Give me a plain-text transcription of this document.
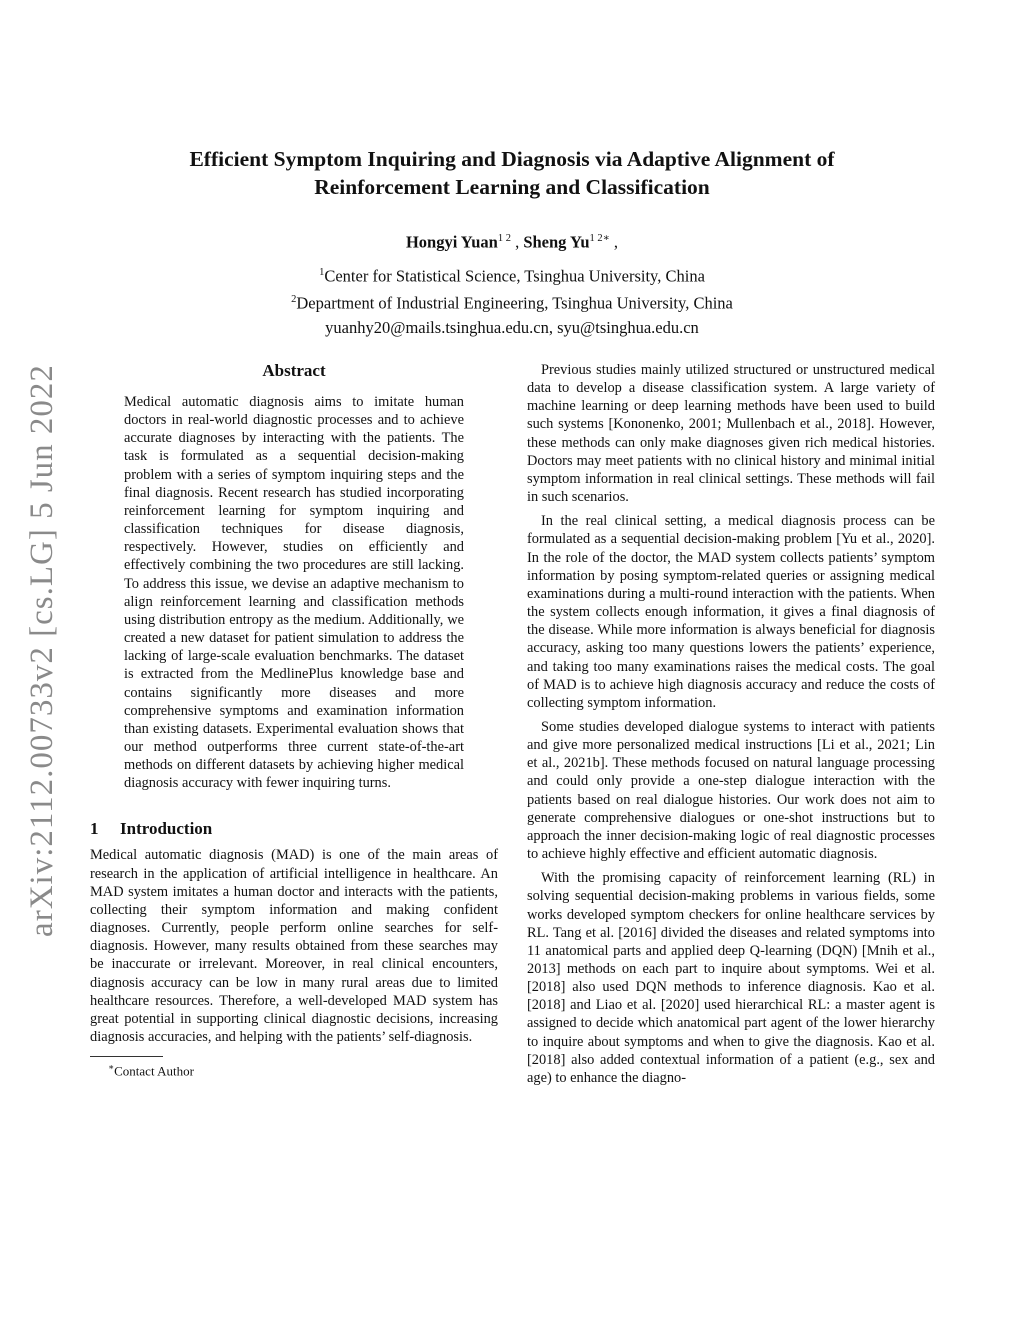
arXiv:2112.00733v2 [cs.LG] 5 Jun 2022
Efficient Symptom Inquiring and Diagnosis via Adaptive Alignment of
Reinforcement Learning and Classification
Hongyi Yuan$^{1 2}$ , Sheng $Yu^{1 2∗}$ ,
$^1$Center for Statistical Science, Tsinghua University, China
$^2$Department of Industrial Engineering, Tsinghua University, China
yuanhy20@mails.tsinghua.edu.cn, syu@tsinghua.edu.cn
Abstract

Medical automatic diagnosis aims to imitate human doctors in real-world diagnostic processes and to achieve accurate diagnoses by interacting with the patients. The task is formulated as a sequential decision-making problem with a series of symptom inquiring steps and the final diagnosis. Recent research has studied incorporating reinforcement learning for symptom inquiring and classification techniques for disease diagnosis, respectively. However, studies on efficiently and effectively combining the two procedures are still lacking. To address this issue, we devise an adaptive mechanism to align reinforcement learning and classification methods using distribution entropy as the medium. Additionally, we created a new dataset for patient simulation to address the lacking of large-scale evaluation benchmarks. The dataset is extracted from the MedlinePlus knowledge base and contains significantly more diseases and more comprehensive symptoms and examination information than existing datasets. Experimental evaluation shows that our method outperforms three current state-of-the-art methods on different datasets by achieving higher medical diagnosis accuracy with fewer inquiring turns.

1 Introduction

Medical automatic diagnosis (MAD) is one of the main areas of research in the application of artificial intelligence in healthcare. An MAD system imitates a human doctor and interacts with the patients, collecting their symptom information and making confident diagnoses. Currently, people perform online searches for self-diagnosis. However, many results obtained from these searches may be inaccurate or irrelevant. Moreover, in real clinical encounters, diagnosis accuracy can be low in many rural areas due to limited healthcare resources. Therefore, a well-developed MAD system has great potential in supporting clinical diagnostic decisions, increasing diagnosis accuracies, and helping with the patients’ self-diagnosis.

∗Contact Author

Previous studies mainly utilized structured or unstructured medical data to develop a disease classification system. A large variety of machine learning or deep learning methods have been used to build such systems [Kononenko, 2001; Mullenbach et al., 2018]. However, these methods can only make diagnoses given rich medical histories. Doctors may meet patients with no clinical history and minimal initial symptom information in real clinical settings. These methods will fail in such scenarios.

In the real clinical setting, a medical diagnosis process can be formulated as a sequential decision-making problem [Yu et al., 2020]. In the role of the doctor, the MAD system collects patients’ symptom information by posing symptom-related queries or assigning medical examinations during a multi-round interaction with the patients. When the system collects enough information, it gives a final diagnosis of the disease. While more information is always beneficial for diagnosis accuracy, asking too many questions lowers the patients’ experience, and taking too many examinations raises the medical costs. The goal of MAD is to achieve high diagnosis accuracy and reduce the costs of collecting symptom information.

Some studies developed dialogue systems to interact with patients and give more personalized medical instructions [Li et al., 2021; Lin et al., 2021b]. These methods focused on natural language processing and could only provide a one-step dialogue interaction with the patients based on real dialogue histories. Our work does not aim to generate comprehensive dialogues or one-shot instructions but to approach the inner decision-making logic of real diagnostic processes to achieve highly effective and efficient automatic diagnosis.

With the promising capacity of reinforcement learning (RL) in solving sequential decision-making problems in various fields, some works developed symptom checkers for online healthcare services by RL. Tang et al. [2016] divided the diseases and related symptoms into 11 anatomical parts and applied deep Q-learning (DQN) [Mnih et al., 2013] methods on each part to inquire about symptoms. Wei et al. [2018] also used DQN methods to inference diagnosis. Kao et al. [2018] and Liao et al. [2020] used hierarchical RL: a master agent is assigned to decide which anatomical part agent of the lower hierarchy to inquire about symptoms and when to give the diagnosis. Kao et al. [2018] also added contextual information of a patient (e.g., sex and age) to enhance the diagno-
